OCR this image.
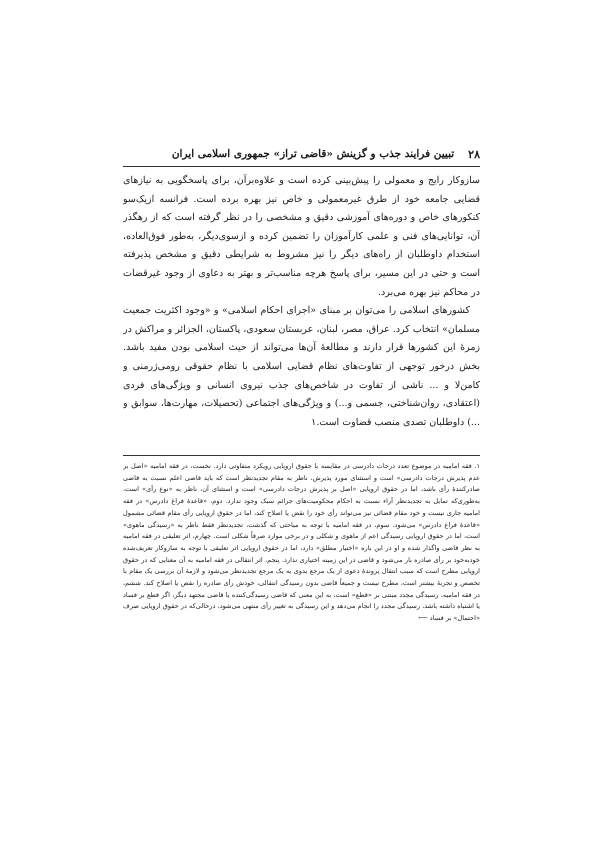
۲۸
تبیین فرایند جذب و گزینش «قاضی تراز» جمهوری اسلامی ایران

سازوکار رایج و معمولی را پیش‌بینی کرده است و علاوه‌برآن، برای پاسخگویی به نیازهای قضایی جامعه خود از طرق غیرمعمولی و خاص نیز بهره برده است. فرانسه ازیک‌سو کنکورهای خاص و دوره‌های آموزشی دقیق و مشخصی را در نظر گرفته است که از رهگذر آن، توانایی‌های فنی و علمی کارآموزان را تضمین کرده و ازسوی‌دیگر، به‌طور فوق‌العاده، استخدام داوطلبان از راه‌های دیگر را نیز مشروط به شرایطی دقیق و مشخص پذیرفته است و حتی در این مسیر، برای پاسخ هرچه مناسب‌تر و بهتر به دعاوی از وجود غیرقضات در محاکم نیز بهره می‌برد.

کشورهای اسلامی را می‌توان بر مبنای «اجرای احکام اسلامی» و «وجود اکثریت جمعیت مسلمان» انتخاب کرد. عراق، مصر، لبنان، عربستان سعودی، پاکستان، الجزائر و مراکش در زمرهٔ این کشورها قرار دارند و مطالعهٔ آن‌ها می‌تواند از حیث اسلامی بودن مفید باشد. بخش درخور توجهی از تفاوت‌های نظام قضایی اسلامی با نظام حقوقی رومی‌ژرمنی و کامن‌لا و ... ناشی از تفاوت در شاخص‌های جذب نیروی انسانی و ویژگی‌های فردی (اعتقادی، روان‌شناختی، جسمی و...) و ویژگی‌های اجتماعی (تحصیلات، مهارت‌ها، سوابق و ...) داوطلبان تصدی منصب قضاوت است.۱

۱. فقه امامیه در موضوع تعدد درجات دادرسی در مقایسه با حقوق اروپایی رویکرد متفاوتی دارد. نخست، در فقه امامیه «اصل بر عدم پذیرش درجات دادرسی» است و استثنای مورد پذیرش، ناظر به مقام تجدیدنظر است که باید قاضی اعلم نسبت به قاضی صادرکنندهٔ رأی باشد، اما در حقوق اروپایی «اصل بر پذیرش درجات دادرسی» است و استثنای آن، ناظر به «نوع رأی» است، به‌طوری‌که تمایل به تجدیدنظر آراء نسبت به احکام محکومیت‌های جرائم سبک وجود ندارد. دوم، «قاعدهٔ فراغ دادرس» در فقه امامیه جاری نیست و خود مقام قضائی نیز می‌تواند رأی خود را نقض یا اصلاح کند، اما در حقوق اروپایی رأی مقام قضائی مشمول «قاعدهٔ فراغ دادرس» می‌شود. سوم، در فقه امامیه با توجه به مباحثی که گذشت، تجدیدنظر فقط ناظر به «رسیدگی ماهوی» است، اما در حقوق اروپایی رسیدگی اعم از ماهوی و شکلی و در برخی موارد صرفاً شکلی است. چهارم، اثر تعلیقی در فقه امامیه به نظر قاضی واگذار شده و او در این باره «اختیار مطلق» دارد، اما در حقوق اروپایی اثر تعلیقی با توجه به سازوکار تعریف‌شده خودبه‌خود بر رأی صادره بار می‌شود و قاضی در این زمینه اختیاری ندارد. پنجم، اثر انتقالی در فقه امامیه به آن معنایی که در حقوق اروپایی مطرح است که سبب انتقال پروندهٔ دعوی از یک مرجع بدوی به یک مرجع تجدیدنظر می‌شود و لازمهٔ آن بررسی یک مقام با تخصص و تجربهٔ بیشتر است، مطرح نیست و جمیعاً قاضی بدون رسیدگی انتقالی، خودش رأی صادره را نقض یا اصلاح کند. ششم، در فقه امامیه، رسیدگی مجدد مبتنی بر «قطع» است، به این معنی که قاضی رسیدگی‌کننده یا قاضی مجتهد دیگر، اگر قطع بر فساد یا اشتباه داشته باشد، رسیدگی مجدد را انجام می‌دهد و این رسیدگی به تغییر رأی منتهی می‌شود، درحالی‌که در حقوق اروپایی صرف «احتمال» بر فساد ⟵
